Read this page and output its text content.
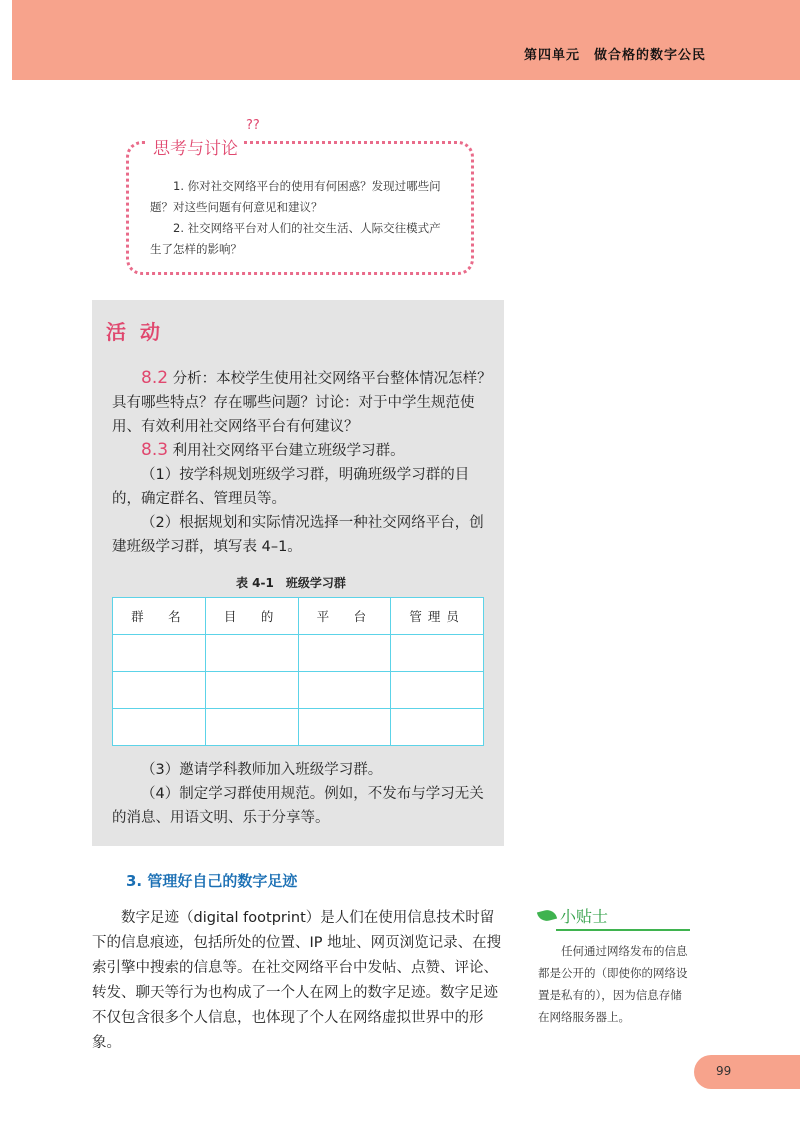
第四单元　做合格的数字公民
思考与讨论
??

1. 你对社交网络平台的使用有何困惑？发现过哪些问题？对这些问题有何意见和建议？

2. 社交网络平台对人们的社交生活、人际交往模式产生了怎样的影响？

活动

8.2 分析：本校学生使用社交网络平台整体情况怎样？具有哪些特点？存在哪些问题？讨论：对于中学生规范使用、有效利用社交网络平台有何建议？

8.3 利用社交网络平台建立班级学习群。

（1）按学科规划班级学习群，明确班级学习群的目的，确定群名、管理员等。

（2）根据规划和实际情况选择一种社交网络平台，创建班级学习群，填写表 4–1。

表 4-1　班级学习群
群　名	目　的	平　台	管理员

（3）邀请学科教师加入班级学习群。

（4）制定学习群使用规范。例如，不发布与学习无关的消息、用语文明、乐于分享等。

3. 管理好自己的数字足迹

数字足迹（digital footprint）是人们在使用信息技术时留下的信息痕迹，包括所处的位置、IP 地址、网页浏览记录、在搜索引擎中搜索的信息等。在社交网络平台中发帖、点赞、评论、转发、聊天等行为也构成了一个人在网上的数字足迹。数字足迹不仅包含很多个人信息，也体现了个人在网络虚拟世界中的形象。

小贴士

任何通过网络发布的信息都是公开的（即使你的网络设置是私有的），因为信息存储在网络服务器上。

99
